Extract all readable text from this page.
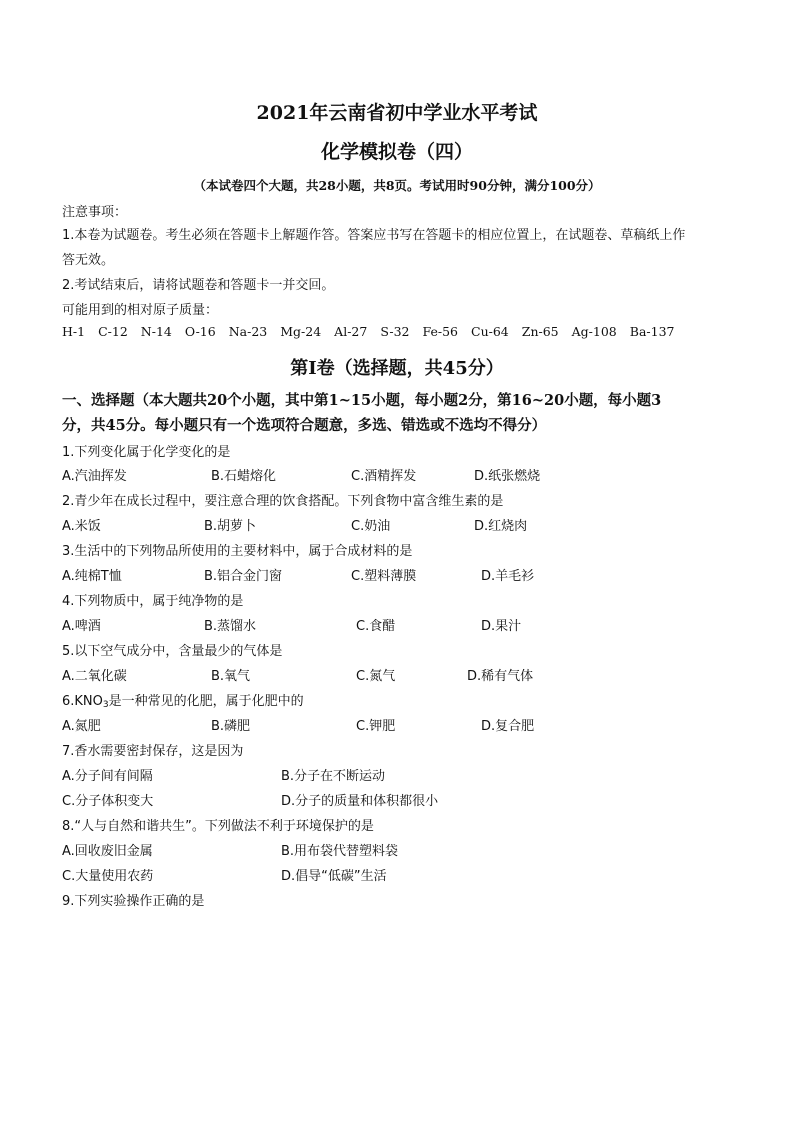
2021年云南省初中学业水平考试
化学模拟卷（四）
（本试卷四个大题，共28小题，共8页。考试用时90分钟，满分100分）
注意事项：
1.本卷为试题卷。考生必须在答题卡上解题作答。答案应书写在答题卡的相应位置上，在试题卷、草稿纸上作
答无效。
2.考试结束后，请将试题卷和答题卡一并交回。
可能用到的相对原子质量：
H-1 C-12 N-14 O-16 Na-23 Mg-24 Al-27 S-32 Fe-56 Cu-64 Zn-65 Ag-108 Ba-137
第Ⅰ卷（选择题，共45分）
一、选择题（本大题共20个小题，其中第1~15小题，每小题2分，第16~20小题，每小题3
分，共45分。每小题只有一个选项符合题意，多选、错选或不选均不得分）
1.下列变化属于化学变化的是
A.汽油挥发	B.石蜡熔化	C.酒精挥发	D.纸张燃烧
2.青少年在成长过程中，要注意合理的饮食搭配。下列食物中富含维生素的是
A.米饭	B.胡萝卜	C.奶油	D.红烧肉
3.生活中的下列物品所使用的主要材料中，属于合成材料的是
A.纯棉T恤	B.铝合金门窗	C.塑料薄膜	D.羊毛衫
4.下列物质中，属于纯净物的是
A.啤酒	B.蒸馏水	C.食醋	D.果汁
5.以下空气成分中，含量最少的气体是
A.二氧化碳	B.氧气	C.氮气	D.稀有气体
$6.KNO_3$是一种常见的化肥，属于化肥中的
A.氮肥	B.磷肥	C.钾肥	D.复合肥
7.香水需要密封保存，这是因为
A.分子间有间隔	B.分子在不断运动
C.分子体积变大	D.分子的质量和体积都很小
8.“人与自然和谐共生”。下列做法不利于环境保护的是
A.回收废旧金属	B.用布袋代替塑料袋
C.大量使用农药	D.倡导“低碳”生活
9.下列实验操作正确的是
